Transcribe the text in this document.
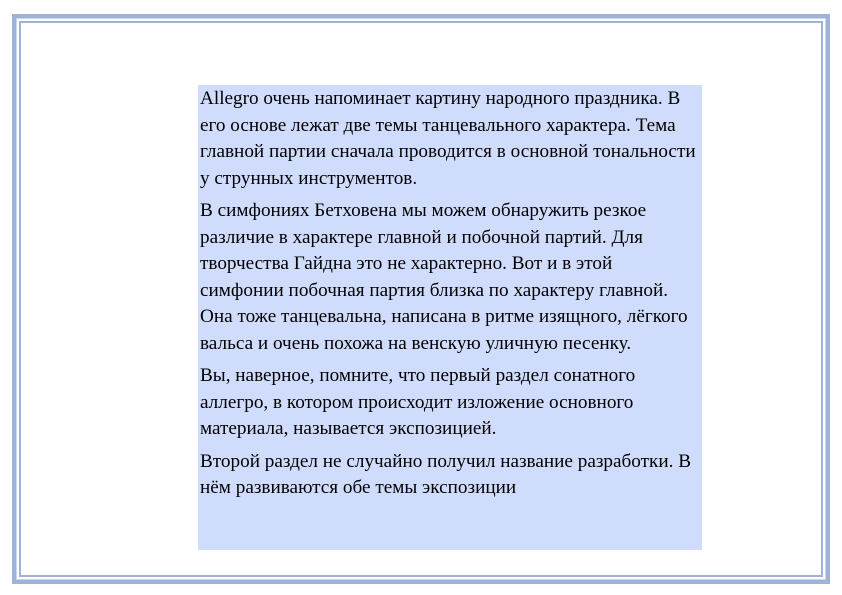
Allegro очень напоминает картину народного праздника. В его основе лежат две темы танцевального характера. Тема главной партии сначала проводится в основной тональности у струнных инструментов.

В симфониях Бетховена мы можем обнаружить резкое различие в характере главной и побочной партий. Для творчества Гайдна это не характерно. Вот и в этой симфонии побочная партия близка по характеру главной. Она тоже танцевальна, написана в ритме изящного, лёгкого вальса и очень похожа на венскую уличную песенку.

Вы, наверное, помните, что первый раздел сонатного аллегро, в котором происходит изложение основного материала, называется экспозицией.

Второй раздел не случайно получил название разработки. В нём развиваются обе темы экспозиции
